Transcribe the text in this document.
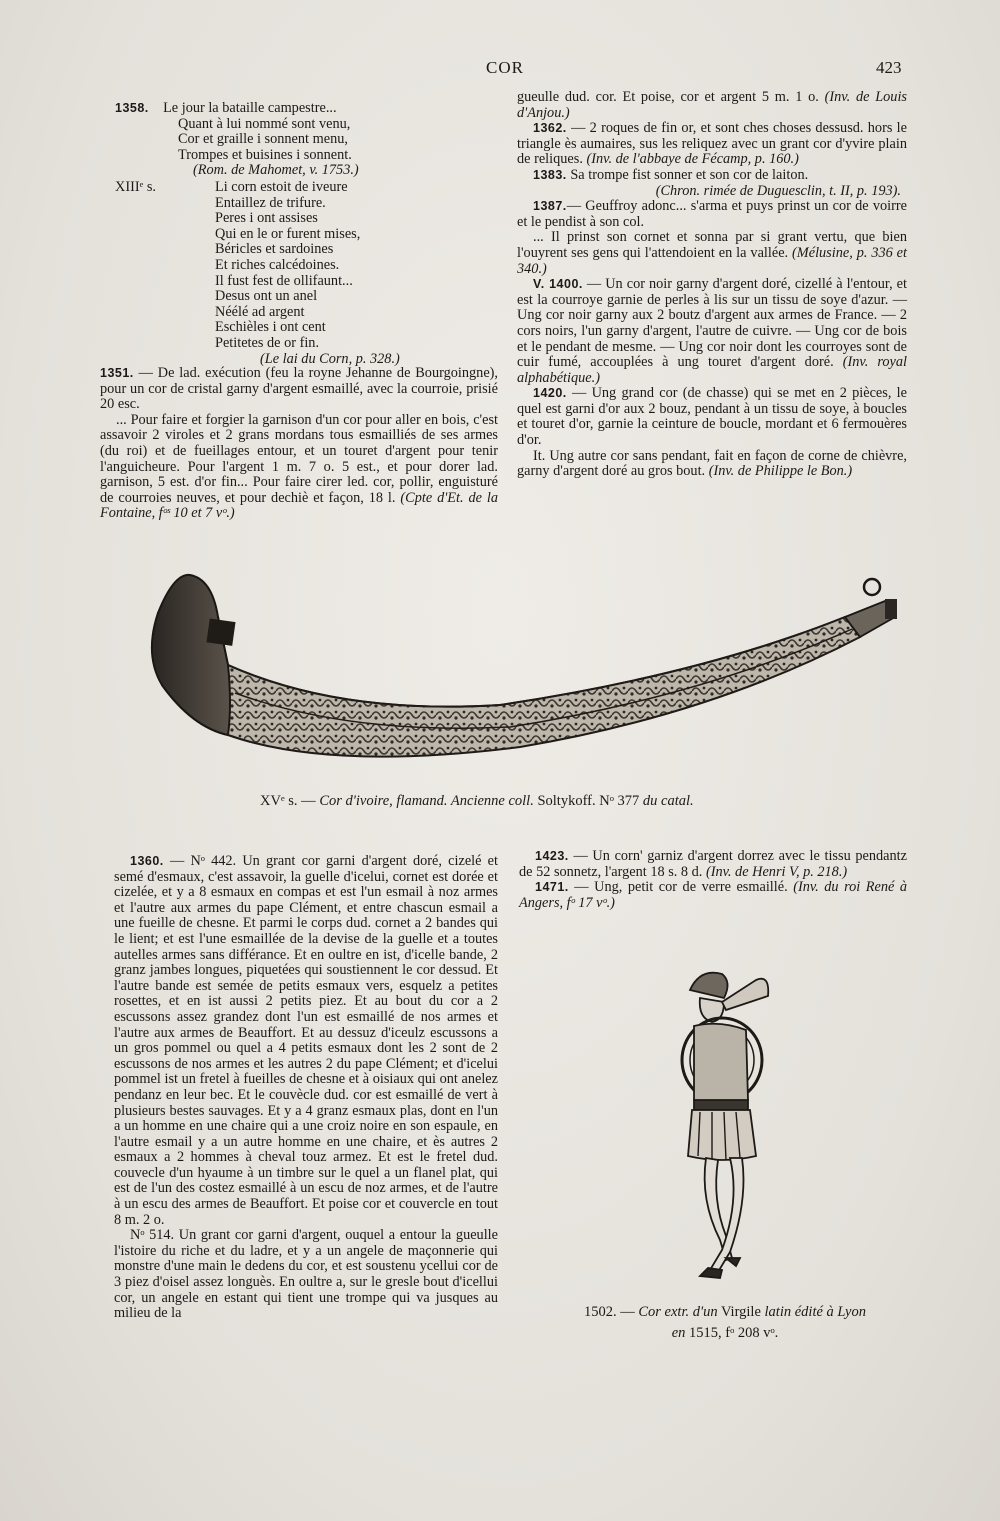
COR	423
1358. Le jour la bataille campestre...
Quant à lui nommé sont venu,
Cor et graille i sonnent menu,
Trompes et buisines i sonnent.
(Rom. de Mahomet, v. 1753.)
XIIIᵉ s.	Li corn estoit de iveure
Entaillez de trifure.
Peres i ont assises
Qui en le or furent mises,
Béricles et sardoines
Et riches calcédoines.
Il fust fest de ollifaunt...
Desus ont un anel
Néélé ad argent
Eschièles i ont cent
Petitetes de or fin.
(Le lai du Corn, p. 328.)

1351. — De lad. exécution (feu la royne Jehanne de Bourgoingne), pour un cor de cristal garny d'argent esmaillé, avec la courroie, prisié 20 esc.

... Pour faire et forgier la garnison d'un cor pour aller en bois, c'est assavoir 2 viroles et 2 grans mordans tous esmailliés de ses armes (du roi) et de fueillages entour, et un touret d'argent pour tenir l'anguicheure. Pour l'argent 1 m. 7 o. 5 est., et pour dorer lad. garnison, 5 est. d'or fin... Pour faire cirer led. cor, pollir, enguisturé de courroies neuves, et pour dechiè et façon, 18 l. (Cpte d'Et. de la Fontaine, fᵒˢ 10 et 7 vᵒ.)

gueulle dud. cor. Et poise, cor et argent 5 m. 1 o. (Inv. de Louis d'Anjou.)

1362. — 2 roques de fin or, et sont ches choses dessusd. hors le triangle ès aumaires, sus les reliquez avec un grant cor d'yvire plain de reliques. (Inv. de l'abbaye de Fécamp, p. 160.)

1383. Sa trompe fist sonner et son cor de laiton.

(Chron. rimée de Duguesclin, t. II, p. 193).

1387.— Geuffroy adonc... s'arma et puys prinst un cor de voirre et le pendist à son col.

... Il prinst son cornet et sonna par si grant vertu, que bien l'ouyrent ses gens qui l'attendoient en la vallée. (Mélusine, p. 336 et 340.)

V. 1400. — Un cor noir garny d'argent doré, cizellé à l'entour, et est la courroye garnie de perles à lis sur un tissu de soye d'azur. — Ung cor noir garny aux 2 boutz d'argent aux armes de France. — 2 cors noirs, l'un garny d'argent, l'autre de cuivre. — Ung cor de bois et le pendant de mesme. — Ung cor noir dont les courroyes sont de cuir fumé, accouplées à ung touret d'argent doré. (Inv. royal alphabétique.)

1420. — Ung grand cor (de chasse) qui se met en 2 pièces, le quel est garni d'or aux 2 bouz, pendant à un tissu de soye, à boucles et touret d'or, garnie la ceinture de boucle, mordant et 6 fermouères d'or.

It. Ung autre cor sans pendant, fait en façon de corne de chièvre, garny d'argent doré au gros bout. (Inv. de Philippe le Bon.)

XVᵉ s. — Cor d'ivoire, flamand. Ancienne coll. Soltykoff. Nᵒ 377 du catal.

1360. — Nᵒ 442. Un grant cor garni d'argent doré, cizelé et semé d'esmaux, c'est assavoir, la guelle d'icelui, cornet est dorée et cizelée, et y a 8 esmaux en compas et est l'un esmail à noz armes et l'autre aux armes du pape Clément, et entre chascun esmail a une fueille de chesne. Et parmi le corps dud. cornet a 2 bandes qui le lient; et est l'une esmaillée de la devise de la guelle et a toutes autelles armes sans différance. Et en oultre en ist, d'icelle bande, 2 granz jambes longues, piquetées qui soustiennent le cor dessud. Et l'autre bande est semée de petits esmaux vers, esquelz a petites rosettes, et en ist aussi 2 petits piez. Et au bout du cor a 2 escussons assez grandez dont l'un est esmaillé de nos armes et l'autre aux armes de Beauffort. Et au dessuz d'iceulz escussons a un gros pommel ou quel a 4 petits esmaux dont les 2 sont de 2 escussons de nos armes et les autres 2 du pape Clément; et d'icelui pommel ist un fretel à fueilles de chesne et à oisiaux qui ont anelez pendanz en leur bec. Et le couvècle dud. cor est esmaillé de vert à plusieurs bestes sauvages. Et y a 4 granz esmaux plas, dont en l'un a un homme en une chaire qui a une croiz noire en son espaule, en l'autre esmail y a un autre homme en une chaire, et ès autres 2 esmaux a 2 hommes à cheval touz armez. Et est le fretel dud. couvecle d'un hyaume à un timbre sur le quel a un flanel plat, qui est de l'un des costez esmaillé à un escu de noz armes, et de l'autre à un escu des armes de Beauffort. Et poise cor et couvercle en tout 8 m. 2 o.

Nᵒ 514. Un grant cor garni d'argent, ouquel a entour la gueulle l'istoire du riche et du ladre, et y a un angele de maçonnerie qui monstre d'une main le dedens du cor, et est soustenu ycellui cor de 3 piez d'oisel assez longuès. En oultre a, sur le gresle bout d'icellui cor, un angele en estant qui tient une trompe qui va jusques au milieu de la

1423. — Un corn' garniz d'argent dorrez avec le tissu pendantz de 52 sonnetz, l'argent 18 s. 8 d. (Inv. de Henri V, p. 218.)

1471. — Ung, petit cor de verre esmaillé. (Inv. du roi René à Angers, fᵒ 17 vᵒ.)

1502. — Cor extr. d'un Virgile latin édité à Lyon
en 1515, fᵒ 208 vᵒ.
